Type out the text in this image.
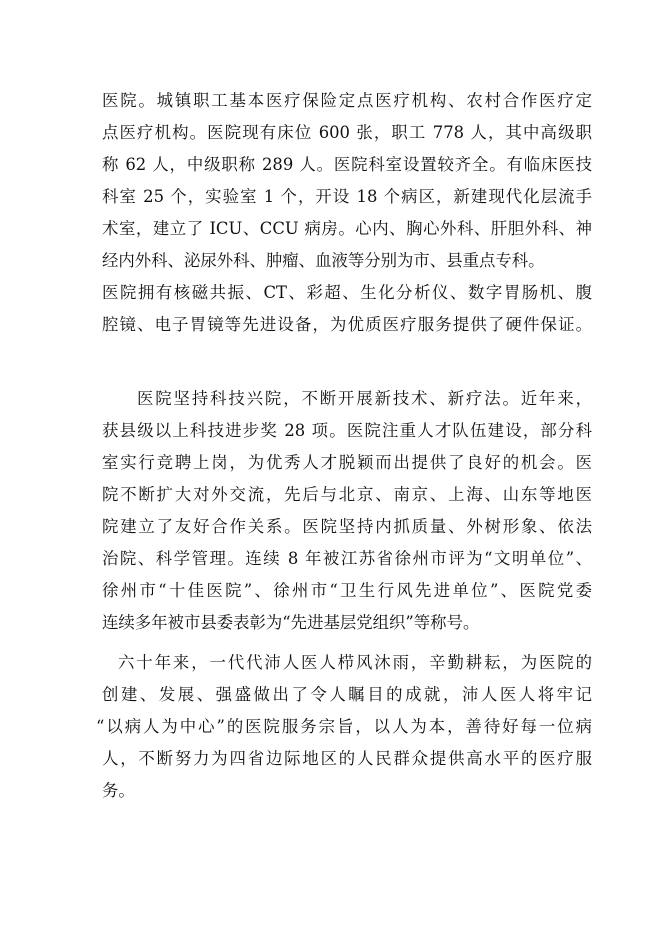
医院。城镇职工基本医疗保险定点医疗机构、农村合作医疗定
点医疗机构。医院现有床位 600 张，职工 778 人，其中高级职
称 62 人，中级职称 289 人。医院科室设置较齐全。有临床医技
科室 25 个，实验室 1 个，开设 18 个病区，新建现代化层流手
术室，建立了 ICU、CCU 病房。心内、胸心外科、肝胆外科、神
经内外科、泌尿外科、肿瘤、血液等分别为市、县重点专科。
医院拥有核磁共振、CT、彩超、生化分析仪、数字胃肠机、腹
腔镜、电子胃镜等先进设备，为优质医疗服务提供了硬件保证。
医院坚持科技兴院，不断开展新技术、新疗法。近年来，
获县级以上科技进步奖 28 项。医院注重人才队伍建设，部分科
室实行竞聘上岗，为优秀人才脱颖而出提供了良好的机会。医
院不断扩大对外交流，先后与北京、南京、上海、山东等地医
院建立了友好合作关系。医院坚持内抓质量、外树形象、依法
治院、科学管理。连续 8 年被江苏省徐州市评为“文明单位”、
徐州市“十佳医院”、徐州市“卫生行风先进单位”、医院党委
连续多年被市县委表彰为“先进基层党组织”等称号。
六十年来，一代代沛人医人栉风沐雨，辛勤耕耘，为医院的
创建、发展、强盛做出了令人瞩目的成就，沛人医人将牢记
“以病人为中心”的医院服务宗旨，以人为本，善待好每一位病
人，不断努力为四省边际地区的人民群众提供高水平的医疗服
务。
